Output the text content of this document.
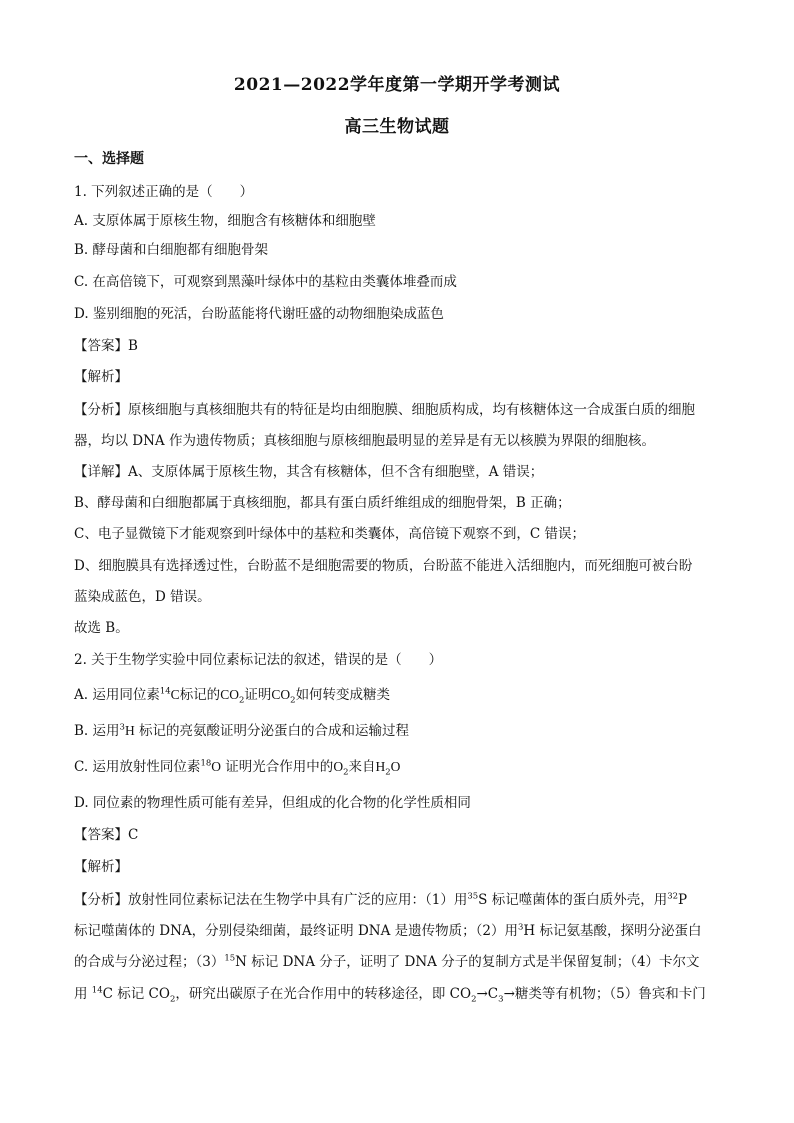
2021—2022学年度第一学期开学考测试
高三生物试题
一、选择题
1. 下列叙述正确的是（　　）
A. 支原体属于原核生物，细胞含有核糖体和细胞壁
B. 酵母菌和白细胞都有细胞骨架
C. 在高倍镜下，可观察到黑藻叶绿体中的基粒由类囊体堆叠而成
D. 鉴别细胞的死活，台盼蓝能将代谢旺盛的动物细胞染成蓝色
【答案】B
【解析】
【分析】原核细胞与真核细胞共有的特征是均由细胞膜、细胞质构成，均有核糖体这一合成蛋白质的细胞
器，均以 DNA 作为遗传物质；真核细胞与原核细胞最明显的差异是有无以核膜为界限的细胞核。
【详解】A、支原体属于原核生物，其含有核糖体，但不含有细胞壁，A 错误；
B、酵母菌和白细胞都属于真核细胞，都具有蛋白质纤维组成的细胞骨架，B 正确；
C、电子显微镜下才能观察到叶绿体中的基粒和类囊体，高倍镜下观察不到，C 错误；
D、细胞膜具有选择透过性，台盼蓝不是细胞需要的物质，台盼蓝不能进入活细胞内，而死细胞可被台盼
蓝染成蓝色，D 错误。
故选 B。
2. 关于生物学实验中同位素标记法的叙述，错误的是（　　）
A. 运用同位素$^{14}$C标记的$CO_2$证明$CO_2$如何转变成糖类
B. 运用$^3$H 标记的亮氨酸证明分泌蛋白的合成和运输过程
C. 运用放射性同位素$^{18}$O 证明光合作用中的$O_2$来自$H_2O$
D. 同位素的物理性质可能有差异，但组成的化合物的化学性质相同
【答案】C
【解析】
【分析】放射性同位素标记法在生物学中具有广泛的应用：（1）用$^{35}$S 标记噬菌体的蛋白质外壳，用$^{32}$P
标记噬菌体的 DNA，分别侵染细菌，最终证明 DNA 是遗传物质；（2）用$^3$H 标记氨基酸，探明分泌蛋白
的合成与分泌过程；$(3)^{15}N$ 标记 DNA 分子，证明了 DNA 分子的复制方式是半保留复制；（4）卡尔文
用 $^{14}$C 标记 $CO_2$，研究出碳原子在光合作用中的转移途径，即 $CO_2\to C_3\to$糖类等有机物；（5）鲁宾和卡门
